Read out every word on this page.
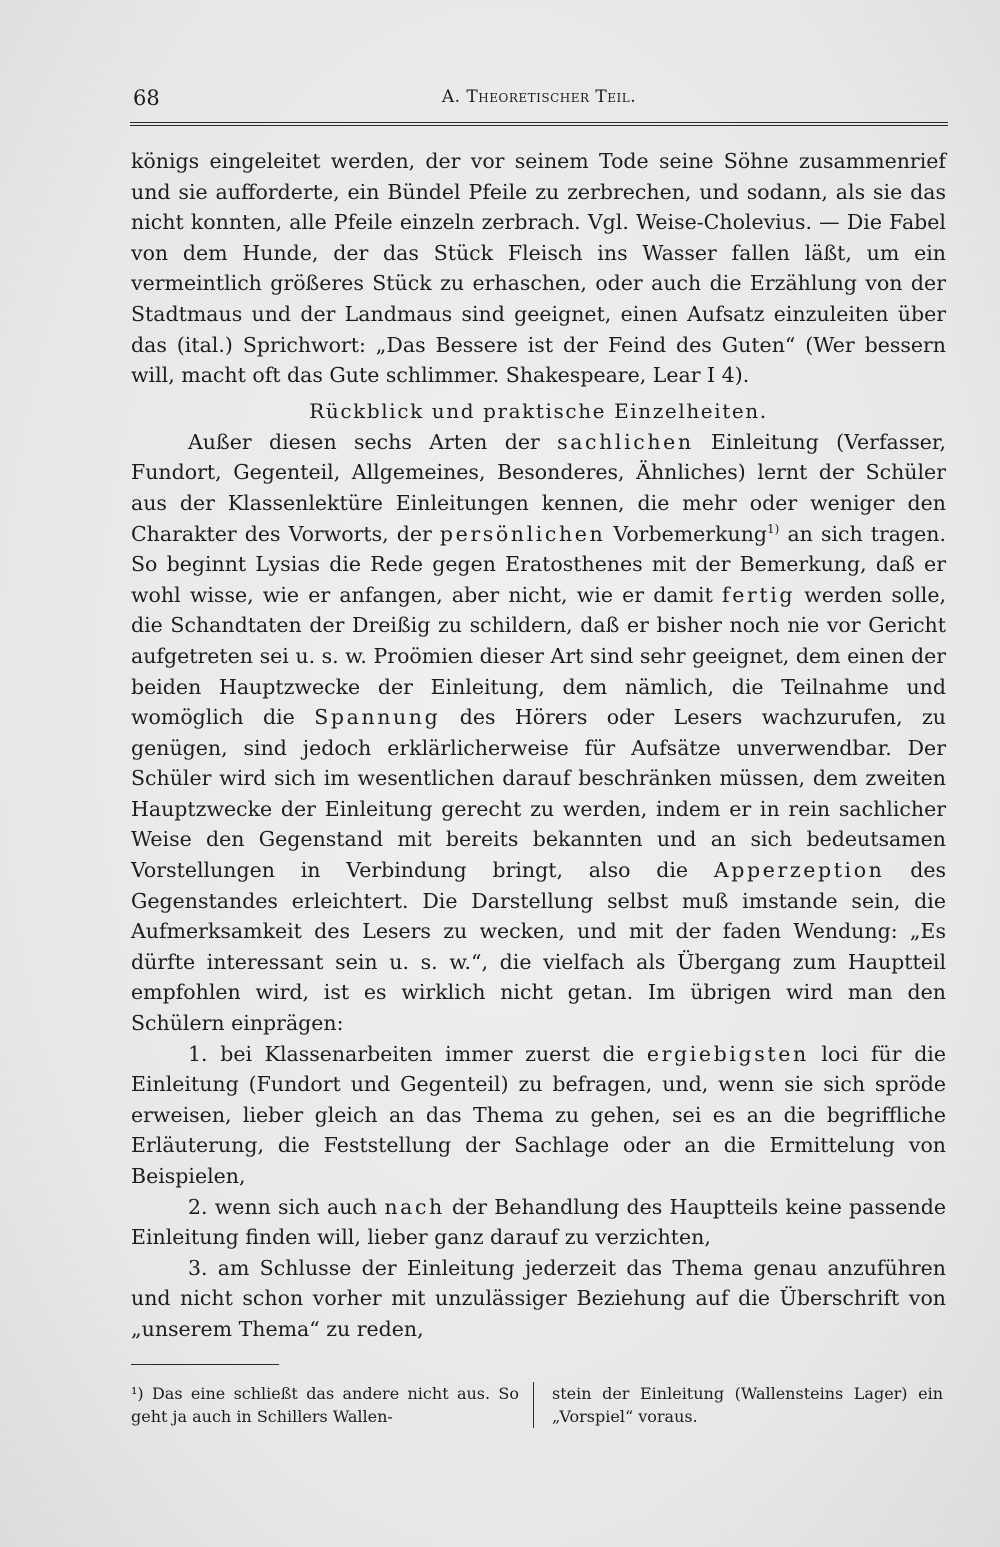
68	A. Theoretischer Teil.

königs eingeleitet werden, der vor seinem Tode seine Söhne zusammenrief und sie aufforderte, ein Bündel Pfeile zu zerbrechen, und sodann, als sie das nicht konnten, alle Pfeile einzeln zerbrach. Vgl. Weise-Cholevius. — Die Fabel von dem Hunde, der das Stück Fleisch ins Wasser fallen läßt, um ein vermeintlich größeres Stück zu erhaschen, oder auch die Erzählung von der Stadtmaus und der Landmaus sind geeignet, einen Aufsatz einzuleiten über das (ital.) Sprichwort: „Das Bessere ist der Feind des Guten“ (Wer bessern will, macht oft das Gute schlimmer. Shakespeare, Lear I 4).

Rückblick und praktische Einzelheiten.

Außer diesen sechs Arten der sachlichen Einleitung (Verfasser, Fundort, Gegenteil, Allgemeines, Besonderes, Ähnliches) lernt der Schüler aus der Klassenlektüre Einleitungen kennen, die mehr oder weniger den Charakter des Vorworts, der persönlichen Vorbemerkung$^{1)}$ an sich tragen. So beginnt Lysias die Rede gegen Eratosthenes mit der Bemerkung, daß er wohl wisse, wie er anfangen, aber nicht, wie er damit fertig werden solle, die Schandtaten der Dreißig zu schildern, daß er bisher noch nie vor Gericht aufgetreten sei u. s. w. Proömien dieser Art sind sehr geeignet, dem einen der beiden Hauptzwecke der Einleitung, dem nämlich, die Teilnahme und womöglich die Spannung des Hörers oder Lesers wachzurufen, zu genügen, sind jedoch erklärlicherweise für Aufsätze unverwendbar. Der Schüler wird sich im wesentlichen darauf beschränken müssen, dem zweiten Hauptzwecke der Einleitung gerecht zu werden, indem er in rein sachlicher Weise den Gegenstand mit bereits bekannten und an sich bedeutsamen Vorstellungen in Verbindung bringt, also die Apperzeption des Gegenstandes erleichtert. Die Darstellung selbst muß imstande sein, die Aufmerksamkeit des Lesers zu wecken, und mit der faden Wendung: „Es dürfte interessant sein u. s. w.“, die vielfach als Übergang zum Hauptteil empfohlen wird, ist es wirklich nicht getan. Im übrigen wird man den Schülern einprägen:

1. bei Klassenarbeiten immer zuerst die ergiebigsten loci für die Einleitung (Fundort und Gegenteil) zu befragen, und, wenn sie sich spröde erweisen, lieber gleich an das Thema zu gehen, sei es an die begriffliche Erläuterung, die Feststellung der Sachlage oder an die Ermittelung von Beispielen,

2. wenn sich auch nach der Behandlung des Hauptteils keine passende Einleitung finden will, lieber ganz darauf zu verzichten,

3. am Schlusse der Einleitung jederzeit das Thema genau anzuführen und nicht schon vorher mit unzulässiger Beziehung auf die Überschrift von „unserem Thema“ zu reden,

¹) Das eine schließt das andere nicht aus. So geht ja auch in Schillers Wallen-
stein der Einleitung (Wallensteins Lager) ein „Vorspiel“ voraus.
